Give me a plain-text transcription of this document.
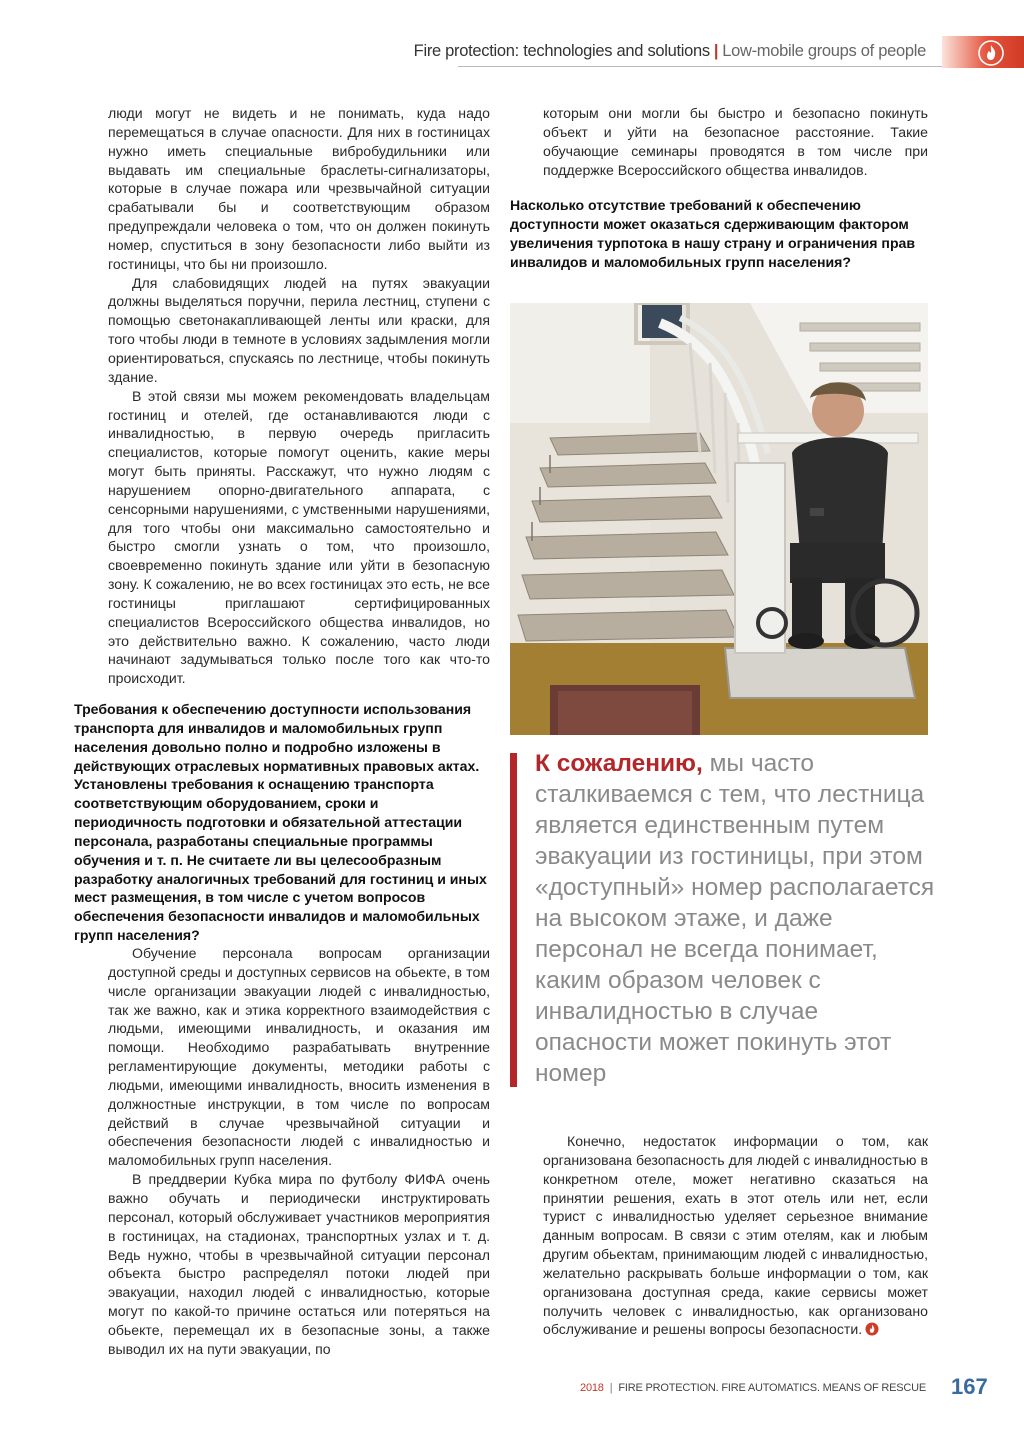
Fire protection: technologies and solutions | Low-mobile groups of people

люди могут не видеть и не понимать, куда надо перемещаться в случае опасности. Для них в гостиницах нужно иметь специальные вибробудильники или выдавать им специальные браслеты-сигнализаторы, которые в случае пожара или чрезвычайной ситуации срабатывали бы и соответствующим образом предупреждали человека о том, что он должен покинуть номер, спуститься в зону безопасности либо выйти из гостиницы, что бы ни произошло.

Для слабовидящих людей на путях эвакуации должны выделяться поручни, перила лестниц, ступени с помощью светонакапливающей ленты или краски, для того чтобы люди в темноте в условиях задымления могли ориентироваться, спускаясь по лестнице, чтобы покинуть здание.

В этой связи мы можем рекомендовать владельцам гостиниц и отелей, где останавливаются люди с инвалидностью, в первую очередь пригласить специалистов, которые помогут оценить, какие меры могут быть приняты. Расскажут, что нужно людям с нарушением опорно-двигательного аппарата, с сенсорными нарушениями, с умственными нарушениями, для того чтобы они максимально самостоятельно и быстро смогли узнать о том, что произошло, своевременно покинуть здание или уйти в безопасную зону. К сожалению, не во всех гостиницах это есть, не все гостиницы приглашают сертифицированных специалистов Всероссийского общества инвалидов, но это действительно важно. К сожалению, часто люди начинают задумываться только после того как что-то происходит.

Требования к обеспечению доступности использования транспорта для инвалидов и маломобильных групп населения довольно полно и подробно изложены в действующих отраслевых нормативных правовых актах. Установлены требования к оснащению транспорта соответствующим оборудованием, сроки и периодичность подготовки и обязательной аттестации персонала, разработаны специальные программы обучения и т. п. Не считаете ли вы целесообразным разработку аналогичных требований для гостиниц и иных мест размещения, в том числе с учетом вопросов обеспечения безопасности инвалидов и маломобильных групп населения?

Обучение персонала вопросам организации доступной среды и доступных сервисов на обьекте, в том числе организации эвакуации людей с инвалидностью, так же важно, как и этика корректного взаимодействия с людьми, имеющими инвалидность, и оказания им помощи. Необходимо разрабатывать внутренние регламентирующие документы, методики работы с людьми, имеющими инвалидность, вносить изменения в должностные инструкции, в том числе по вопросам действий в случае чрезвычайной ситуации и обеспечения безопасности людей с инвалидностью и маломобильных групп населения.

В преддверии Кубка мира по футболу ФИФА очень важно обучать и периодически инструктировать персонал, который обслуживает участников мероприятия в гостиницах, на стадионах, транспортных узлах и т. д. Ведь нужно, чтобы в чрезвычайной ситуации персонал объекта быстро распределял потоки людей при эвакуации, находил людей с инвалидностью, которые могут по какой-то причине остаться или потеряться на обьекте, перемещал их в безопасные зоны, а также выводил их на пути эвакуации, по

которым они могли бы быстро и безопасно покинуть объект и уйти на безопасное расстояние. Такие обучающие семинары проводятся в том числе при поддержке Всероссийского общества инвалидов.

Насколько отсутствие требований к обеспечению доступности может оказаться сдерживающим фактором увеличения турпотока в нашу страну и ограничения прав инвалидов и маломобильных групп населения?

К сожалению, мы часто сталкиваемся с тем, что лестница является единственным путем эвакуации из гостиницы, при этом «доступный» номер располагается на высоком этаже, и даже персонал не всегда понимает, каким образом человек с инвалидностью в случае опасности может покинуть этот номер

Конечно, недостаток информации о том, как организована безопасность для людей с инвалидностью в конкретном отеле, может негативно сказаться на принятии решения, ехать в этот отель или нет, если турист с инвалидностью уделяет серьезное внимание данным вопросам. В связи с этим отелям, как и любым другим обьектам, принимающим людей с инвалидностью, желательно раскрывать больше информации о том, как организована доступная среда, какие сервисы может получить человек с инвалидностью, как организовано обслуживание и решены вопросы безопасности.

2018 | FIRE PROTECTION. FIRE AUTOMATICS. MEANS OF RESCUE 167
